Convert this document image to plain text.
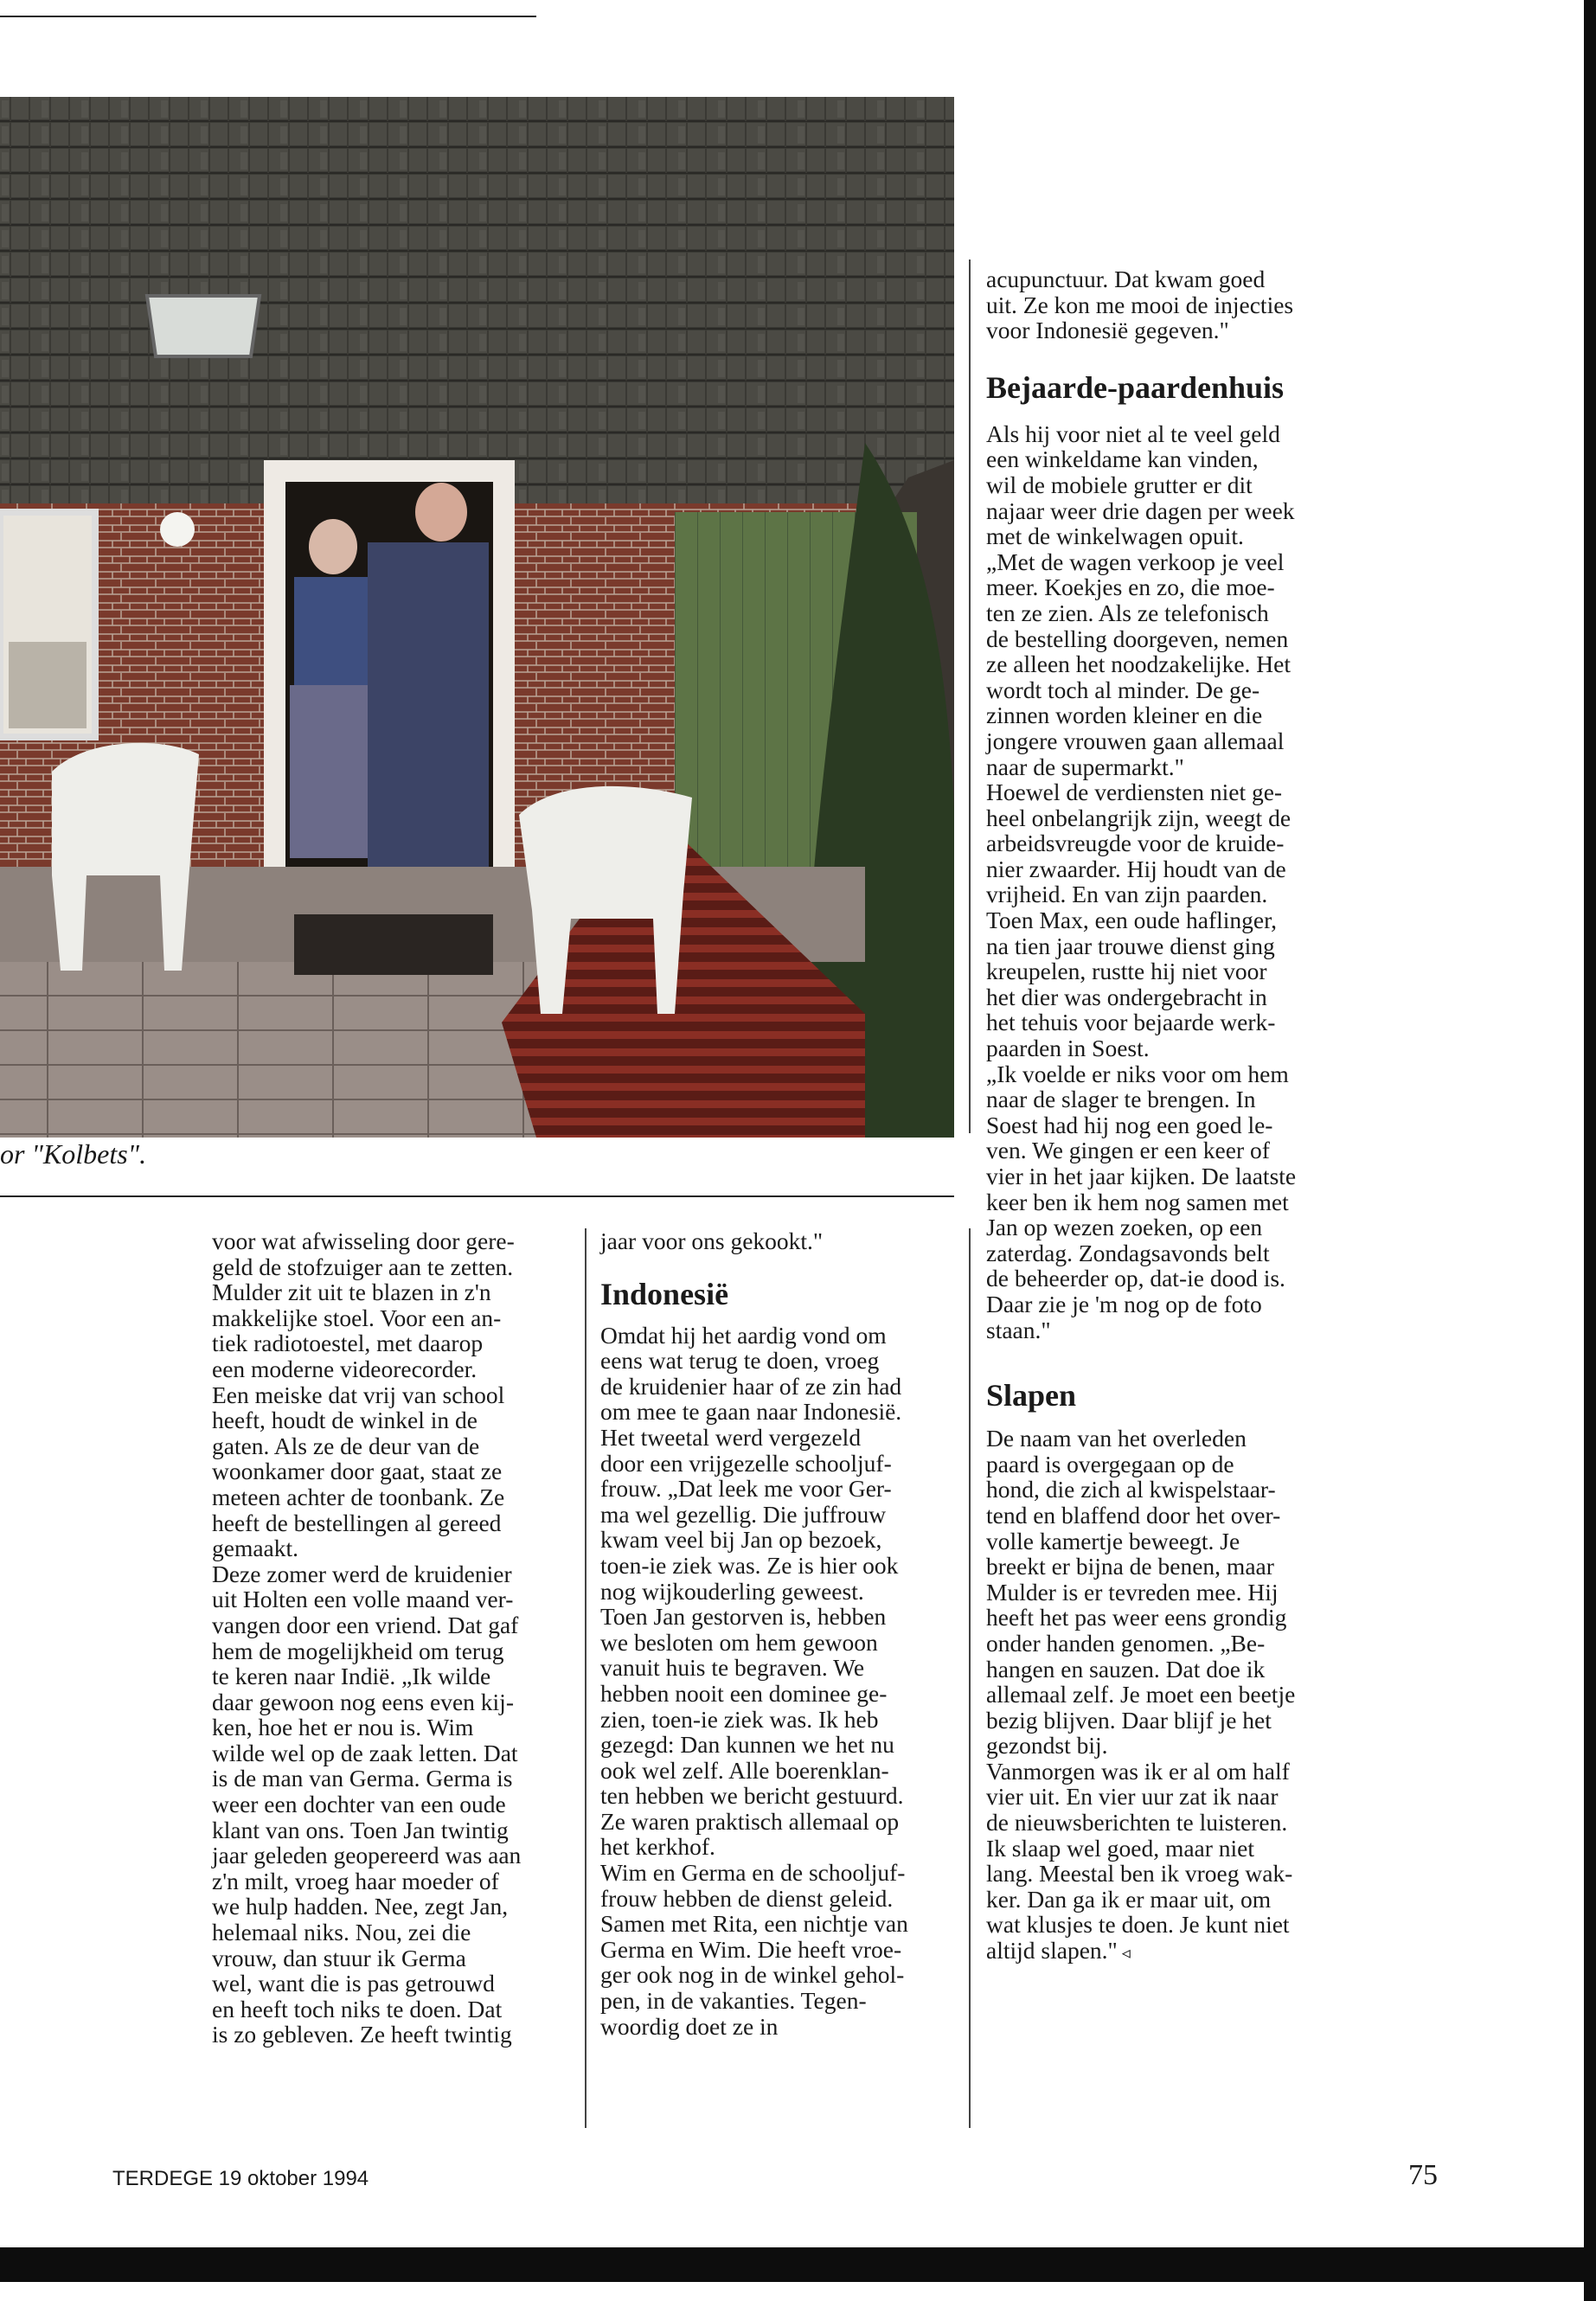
or "Kolbets".

voor wat afwisseling door gere-

geld de stofzuiger aan te zetten.

Mulder zit uit te blazen in z'n

makkelijke stoel. Voor een an-

tiek radiotoestel, met daarop

een moderne videorecorder.

Een meiske dat vrij van school

heeft, houdt de winkel in de

gaten. Als ze de deur van de

woonkamer door gaat, staat ze

meteen achter de toonbank. Ze

heeft de bestellingen al gereed

gemaakt.

Deze zomer werd de kruidenier

uit Holten een volle maand ver-

vangen door een vriend. Dat gaf

hem de mogelijkheid om terug

te keren naar Indië. „Ik wilde

daar gewoon nog eens even kij-

ken, hoe het er nou is. Wim

wilde wel op de zaak letten. Dat

is de man van Germa. Germa is

weer een dochter van een oude

klant van ons. Toen Jan twintig

jaar geleden geopereerd was aan

z'n milt, vroeg haar moeder of

we hulp hadden. Nee, zegt Jan,

helemaal niks. Nou, zei die

vrouw, dan stuur ik Germa

wel, want die is pas getrouwd

en heeft toch niks te doen. Dat

is zo gebleven. Ze heeft twintig

jaar voor ons gekookt."

Indonesië

Omdat hij het aardig vond om

eens wat terug te doen, vroeg

de kruidenier haar of ze zin had

om mee te gaan naar Indonesië.

Het tweetal werd vergezeld

door een vrijgezelle schooljuf-

frouw. „Dat leek me voor Ger-

ma wel gezellig. Die juffrouw

kwam veel bij Jan op bezoek,

toen-ie ziek was. Ze is hier ook

nog wijkouderling geweest.

Toen Jan gestorven is, hebben

we besloten om hem gewoon

vanuit huis te begraven. We

hebben nooit een dominee ge-

zien, toen-ie ziek was. Ik heb

gezegd: Dan kunnen we het nu

ook wel zelf. Alle boerenklan-

ten hebben we bericht gestuurd.

Ze waren praktisch allemaal op

het kerkhof.

Wim en Germa en de schooljuf-

frouw hebben de dienst geleid.

Samen met Rita, een nichtje van

Germa en Wim. Die heeft vroe-

ger ook nog in de winkel gehol-

pen, in de vakanties. Tegen-

woordig doet ze in

acupunctuur. Dat kwam goed

uit. Ze kon me mooi de injecties

voor Indonesië gegeven."

Bejaarde-paardenhuis

Als hij voor niet al te veel geld

een winkeldame kan vinden,

wil de mobiele grutter er dit

najaar weer drie dagen per week

met de winkelwagen opuit.

„Met de wagen verkoop je veel

meer. Koekjes en zo, die moe-

ten ze zien. Als ze telefonisch

de bestelling doorgeven, nemen

ze alleen het noodzakelijke. Het

wordt toch al minder. De ge-

zinnen worden kleiner en die

jongere vrouwen gaan allemaal

naar de supermarkt."

Hoewel de verdiensten niet ge-

heel onbelangrijk zijn, weegt de

arbeidsvreugde voor de kruide-

nier zwaarder. Hij houdt van de

vrijheid. En van zijn paarden.

Toen Max, een oude haflinger,

na tien jaar trouwe dienst ging

kreupelen, rustte hij niet voor

het dier was ondergebracht in

het tehuis voor bejaarde werk-

paarden in Soest.

„Ik voelde er niks voor om hem

naar de slager te brengen. In

Soest had hij nog een goed le-

ven. We gingen er een keer of

vier in het jaar kijken. De laatste

keer ben ik hem nog samen met

Jan op wezen zoeken, op een

zaterdag. Zondagsavonds belt

de beheerder op, dat-ie dood is.

Daar zie je 'm nog op de foto

staan."

Slapen

De naam van het overleden

paard is overgegaan op de

hond, die zich al kwispelstaar-

tend en blaffend door het over-

volle kamertje beweegt. Je

breekt er bijna de benen, maar

Mulder is er tevreden mee. Hij

heeft het pas weer eens grondig

onder handen genomen. „Be-

hangen en sauzen. Dat doe ik

allemaal zelf. Je moet een beetje

bezig blijven. Daar blijf je het

gezondst bij.

Vanmorgen was ik er al om half

vier uit. En vier uur zat ik naar

de nieuwsberichten te luisteren.

Ik slaap wel goed, maar niet

lang. Meestal ben ik vroeg wak-

ker. Dan ga ik er maar uit, om

wat klusjes te doen. Je kunt niet

altijd slapen." ◃

TERDEGE 19 oktober 1994	75
